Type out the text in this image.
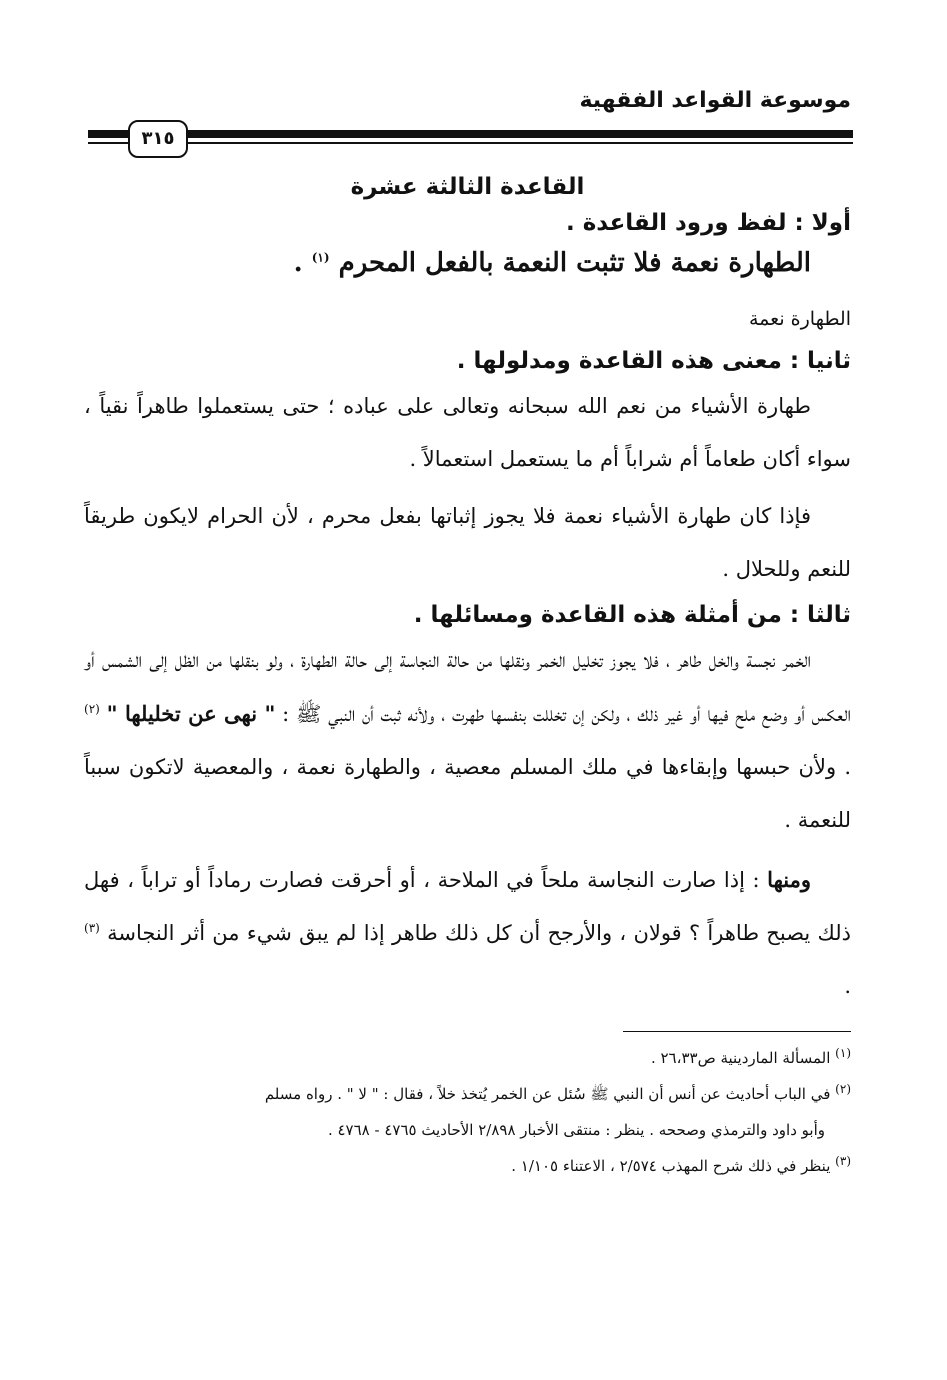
موسوعة القواعد الفقهية
٣١٥
القاعدة الثالثة عشرة
أولا : لفظ ورود القاعدة .
الطهارة نعمة فلا تثبت النعمة بالفعل المحرم $^{(١)}$ .
الطهارة نعمة
ثانيا : معنى هذه القاعدة ومدلولها .

طهارة الأشياء من نعم الله سبحانه وتعالى على عباده ؛ حتى يستعملوا طاهراً نقياً ، سواء أكان طعاماً أم شراباً أم ما يستعمل استعمالاً .

فإذا كان طهارة الأشياء نعمة فلا يجوز إثباتها بفعل محرم ، لأن الحرام لايكون طريقاً للنعم وللحلال .

ثالثا : من أمثلة هذه القاعدة ومسائلها .

الخمر نجسة والخل طاهر ، فلا يجوز تخليل الخمر ونقلها من حالة النجاسة إلى حالة الطهارة ، ولو بنقلها من الظل إلى الشمس أو العكس أو وضع ملح فيها أو غير ذلك ، ولكن إن تخللت بنفسها طهرت ، ولأنه ثبت أن النبي ﷺ : " نهى عن تخليلها " $^{(٢)}$ . ولأن حبسها وإبقاءها في ملك المسلم معصية ، والطهارة نعمة ، والمعصية لاتكون سبباً للنعمة .

ومنها : إذا صارت النجاسة ملحاً في الملاحة ، أو أحرقت فصارت رماداً أو تراباً ، فهل ذلك يصبح طاهراً ؟ قولان ، والأرجح أن كل ذلك طاهر إذا لم يبق شيء من أثر النجاسة $^{(٣)}$ .

$^{(١)}$ المسألة الماردينية ص٢٦،٣٣ .
$^{(٢)}$ في الباب أحاديث عن أنس أن النبي ﷺ سُئل عن الخمر يُتخذ خلاً ، فقال : " لا " . رواه مسلم
وأبو داود والترمذي وصححه . ينظر : منتقى الأخبار ٢/٨٩٨ الأحاديث ٤٧٦٥ - ٤٧٦٨ .
$^{(٣)}$ ينظر في ذلك شرح المهذب ٢/٥٧٤ ، الاعتناء ١/١٠٥ .
